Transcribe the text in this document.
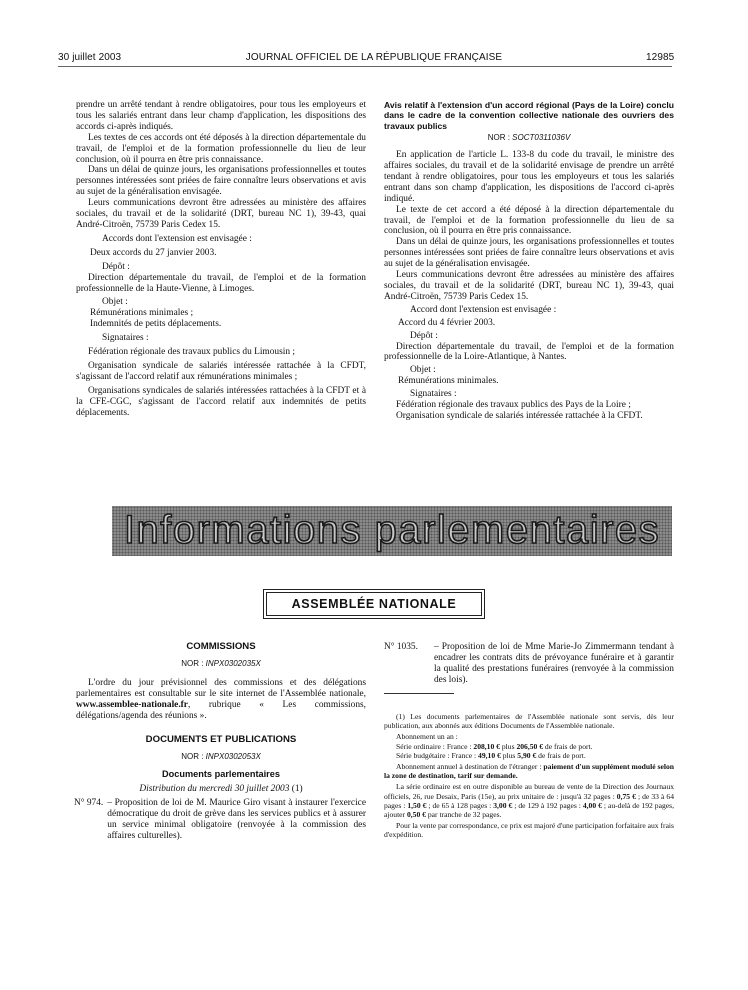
30 juillet 2003	JOURNAL OFFICIEL DE LA RÉPUBLIQUE FRANÇAISE	12985

prendre un arrêté tendant à rendre obligatoires, pour tous les employeurs et tous les salariés entrant dans leur champ d'application, les dispositions des accords ci-après indiqués.

Les textes de ces accords ont été déposés à la direction départementale du travail, de l'emploi et de la formation professionnelle du lieu de leur conclusion, où il pourra en être pris connaissance.

Dans un délai de quinze jours, les organisations professionnelles et toutes personnes intéressées sont priées de faire connaître leurs observations et avis au sujet de la généralisation envisagée.

Leurs communications devront être adressées au ministère des affaires sociales, du travail et de la solidarité (DRT, bureau NC 1), 39-43, quai André-Citroën, 75739 Paris Cedex 15.

Accords dont l'extension est envisagée :

Deux accords du 27 janvier 2003.

Dépôt :

Direction départementale du travail, de l'emploi et de la formation professionnelle de la Haute-Vienne, à Limoges.

Objet :

Rémunérations minimales ;

Indemnités de petits déplacements.

Signataires :

Fédération régionale des travaux publics du Limousin ;

Organisation syndicale de salariés intéressée rattachée à la CFDT, s'agissant de l'accord relatif aux rémunérations minimales ;

Organisations syndicales de salariés intéressées rattachées à la CFDT et à la CFE-CGC, s'agissant de l'accord relatif aux indemnités de petits déplacements.

Avis relatif à l'extension d'un accord régional (Pays de la Loire) conclu dans le cadre de la convention collective nationale des ouvriers des travaux publics
NOR : SOCT0311036V

En application de l'article L. 133-8 du code du travail, le ministre des affaires sociales, du travail et de la solidarité envisage de prendre un arrêté tendant à rendre obligatoires, pour tous les employeurs et tous les salariés entrant dans son champ d'application, les dispositions de l'accord ci-après indiqué.

Le texte de cet accord a été déposé à la direction départementale du travail, de l'emploi et de la formation professionnelle du lieu de sa conclusion, où il pourra en être pris connaissance.

Dans un délai de quinze jours, les organisations professionnelles et toutes personnes intéressées sont priées de faire connaître leurs observations et avis au sujet de la généralisation envisagée.

Leurs communications devront être adressées au ministère des affaires sociales, du travail et de la solidarité (DRT, bureau NC 1), 39-43, quai André-Citroën, 75739 Paris Cedex 15.

Accord dont l'extension est envisagée :

Accord du 4 février 2003.

Dépôt :

Direction départementale du travail, de l'emploi et de la formation professionnelle de la Loire-Atlantique, à Nantes.

Objet :

Rémunérations minimales.

Signataires :

Fédération régionale des travaux publics des Pays de la Loire ;

Organisation syndicale de salariés intéressée rattachée à la CFDT.

Informations parlementaires
ASSEMBLÉE NATIONALE
COMMISSIONS
NOR : INPX0302035X

L'ordre du jour prévisionnel des commissions et des délégations parlementaires est consultable sur le site internet de l'Assemblée nationale, www.assemblee-nationale.fr, rubrique « Les commissions, délégations/agenda des réunions ».

DOCUMENTS ET PUBLICATIONS
NOR : INPX0302053X
Documents parlementaires
Distribution du mercredi 30 juillet 2003 (1)
N° 974. – Proposition de loi de M. Maurice Giro visant à instaurer l'exercice démocratique du droit de grève dans les services publics et à assurer un service minimal obligatoire (renvoyée à la commission des affaires culturelles).
N° 1035.	– Proposition de loi de Mme Marie-Jo Zimmermann tendant à encadrer les contrats dits de prévoyance funéraire et à garantir la qualité des prestations funéraires (renvoyée à la commission des lois).

(1) Les documents parlementaires de l'Assemblée nationale sont servis, dès leur publication, aux abonnés aux éditions Documents de l'Assemblée nationale.

Abonnement un an :

Série ordinaire : France : 208,10 € plus 206,50 € de frais de port.

Série budgétaire : France : 49,10 € plus 5,90 € de frais de port.

Abonnement annuel à destination de l'étranger : paiement d'un supplément modulé selon la zone de destination, tarif sur demande.

La série ordinaire est en outre disponible au bureau de vente de la Direction des Journaux officiels, 26, rue Desaix, Paris (15e), au prix unitaire de : jusqu'à 32 pages : 0,75 € ; de 33 à 64 pages : 1,50 € ; de 65 à 128 pages : 3,00 € ; de 129 à 192 pages : 4,00 € ; au-delà de 192 pages, ajouter 0,50 € par tranche de 32 pages.

Pour la vente par correspondance, ce prix est majoré d'une participation forfaitaire aux frais d'expédition.
